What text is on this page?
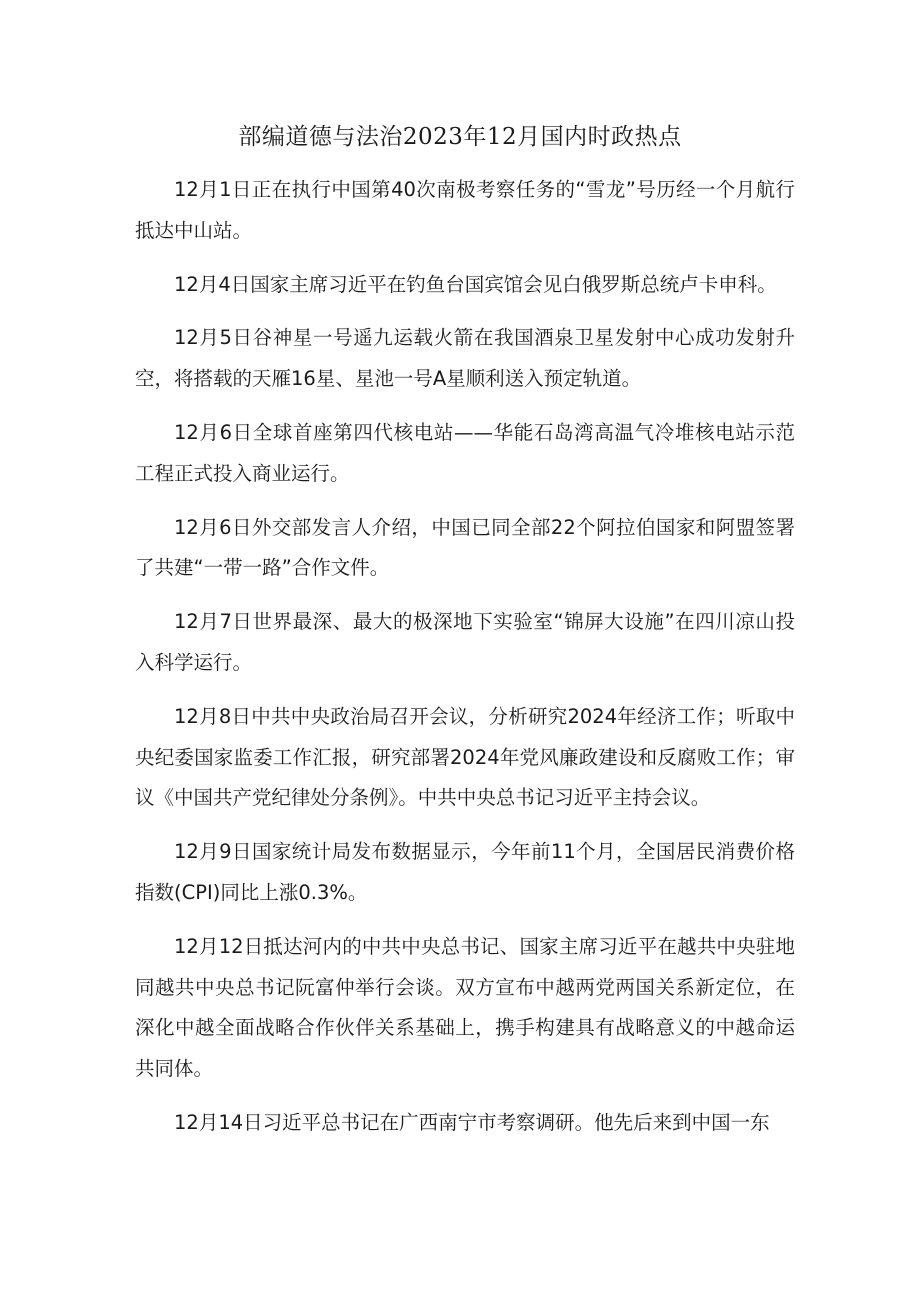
部编道德与法治2023年12月国内时政热点

12月1日正在执行中国第40次南极考察任务的“雪龙”号历经一个月航行抵达中山站。

12月4日国家主席习近平在钓鱼台国宾馆会见白俄罗斯总统卢卡申科。

12月5日谷神星一号遥九运载火箭在我国酒泉卫星发射中心成功发射升空，将搭载的天雁16星、星池一号A星顺利送入预定轨道。

12月6日全球首座第四代核电站——华能石岛湾高温气冷堆核电站示范工程正式投入商业运行。

12月6日外交部发言人介绍，中国已同全部22个阿拉伯国家和阿盟签署了共建“一带一路”合作文件。

12月7日世界最深、最大的极深地下实验室“锦屏大设施”在四川凉山投入科学运行。

12月8日中共中央政治局召开会议，分析研究2024年经济工作；听取中央纪委国家监委工作汇报，研究部署2024年党风廉政建设和反腐败工作；审议《中国共产党纪律处分条例》。中共中央总书记习近平主持会议。

12月9日国家统计局发布数据显示，今年前11个月，全国居民消费价格指数(CPI)同比上涨0.3%。

12月12日抵达河内的中共中央总书记、国家主席习近平在越共中央驻地同越共中央总书记阮富仲举行会谈。双方宣布中越两党两国关系新定位，在深化中越全面战略合作伙伴关系基础上，携手构建具有战略意义的中越命运共同体。

12月14日习近平总书记在广西南宁市考察调研。他先后来到中国一东
